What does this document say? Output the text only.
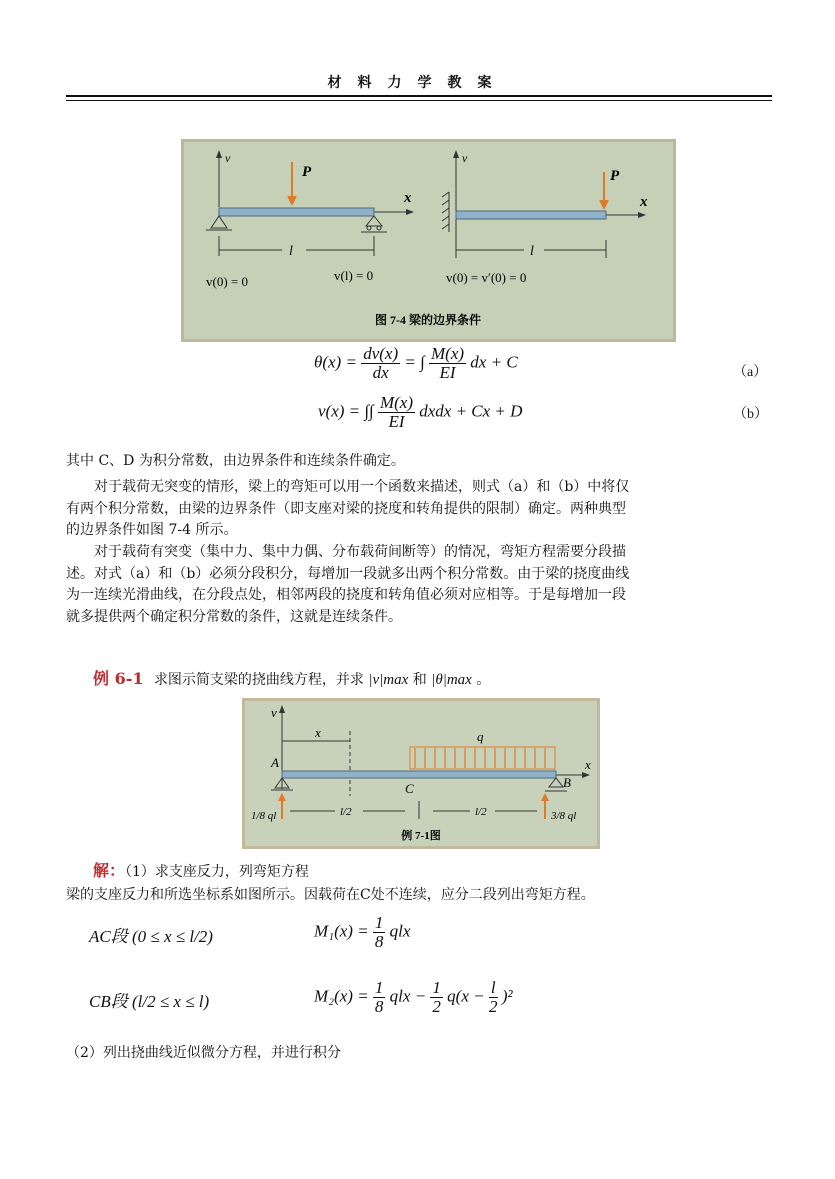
材料力学教案
v
x
P
l
v(0) = 0	v(l) = 0
v
x
P
l
v(0) = v′(0) = 0
图 7-4 梁的边界条件
$\theta(x) = \frac{dv(x)}{dx}$ = ∫ $\frac{M(x)}{EI}$ dx + C
（a）
v(x) = ∫∫ $\frac{M(x)}{EI}$ dxdx + Cx + D	（b）
其中 C、D 为积分常数，由边界条件和连续条件确定。
对于载荷无突变的情形，梁上的弯矩可以用一个函数来描述，则式（a）和（b）中将仅
有两个积分常数，由梁的边界条件（即支座对梁的挠度和转角提供的限制）确定。两种典型
的边界条件如图 7-4 所示。
对于载荷有突变（集中力、集中力偶、分布载荷间断等）的情况，弯矩方程需要分段描
述。对式（a）和（b）必须分段积分，每增加一段就多出两个积分常数。由于梁的挠度曲线
为一连续光滑曲线，在分段点处，相邻两段的挠度和转角值必须对应相等。于是每增加一段
就多提供两个确定积分常数的条件，这就是连续条件。
例 6-1 求图示简支梁的挠曲线方程，并求 |v|max 和 |θ|max 。
v
x
x
q
A
C	B
1/8 ql	3/8 ql
l/2	l/2
例 7-1图
解：（1）求支座反力，列弯矩方程
梁的支座反力和所选坐标系如图所示。因载荷在C处不连续，应分二段列出弯矩方程。
AC段 (0 ≤ x ≤ l/2)	$M_1(x) = \frac{1}{8}$ qlx
CB段 (l/2 ≤ x ≤ l)	$M_2(x) = \frac{1}{8}$ qlx − $\frac{1}{2} q(x - \frac{l}{2} )^2$
（2）列出挠曲线近似微分方程，并进行积分
